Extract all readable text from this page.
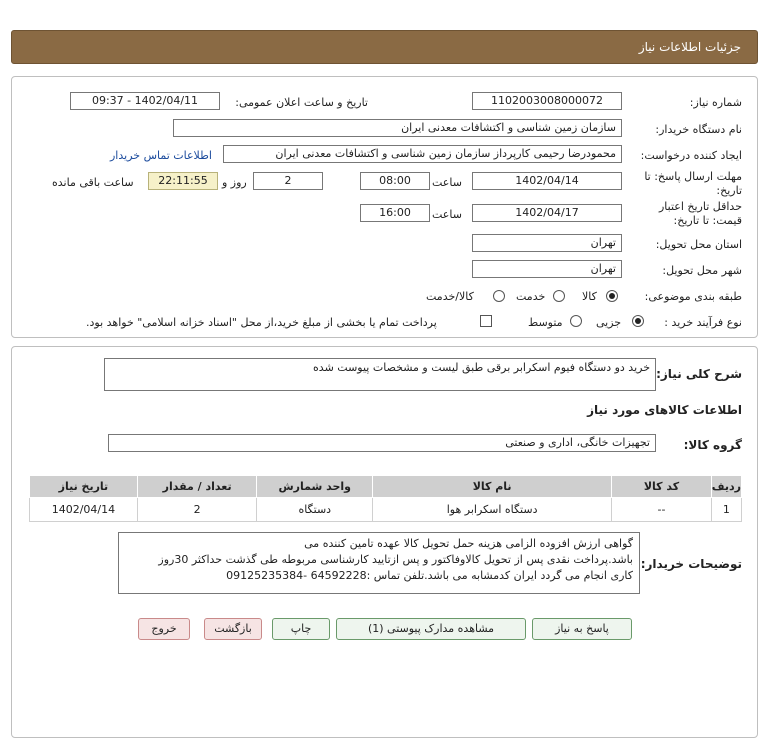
جزئیات اطلاعات نیاز
شماره نیاز:
1102003008000072
تاریخ و ساعت اعلان عمومی:
1402/04/11 - 09:37
نام دستگاه خریدار:
سازمان زمین شناسی و اکتشافات معدنی ایران
ایجاد کننده درخواست:
محمودرضا رحیمی کارپرداز سازمان زمین شناسی و اکتشافات معدنی ایران
اطلاعات تماس خریدار
مهلت ارسال پاسخ: تا
تاریخ:
1402/04/14
ساعت
08:00
2
روز و
22:11:55
ساعت باقی مانده
حداقل تاریخ اعتبار
قیمت: تا تاریخ:
1402/04/17
ساعت
16:00
استان محل تحویل:
تهران
شهر محل تحویل:
تهران
طبقه بندی موضوعی:
کالا
خدمت
کالا/خدمت
نوع فرآیند خرید :
جزیی
متوسط
پرداخت تمام یا بخشی از مبلغ خرید،از محل "اسناد خزانه اسلامی" خواهد بود.
شرح کلی نیاز:
خرید دو دستگاه فیوم اسکرابر برقی طبق لیست و مشخصات پیوست شده
اطلاعات کالاهای مورد نیاز
گروه کالا:
تجهیزات خانگی، اداری و صنعتی
ردیف	کد کالا	نام کالا	واحد شمارش	تعداد / مقدار	تاریخ نیاز
1	--	دستگاه اسکرابر هوا	دستگاه	2	1402/04/14
توضیحات خریدار:
گواهی ارزش افزوده الزامی هزینه حمل تحویل کالا عهده تامین کننده می
باشد.پرداخت نقدی پس از تحویل کالاوفاکتور و پس ازتایید کارشناسی مربوطه طی گذشت حداکثر 30روز
کاری انجام می گردد ایران کدمشابه می باشد.تلفن تماس :64592228 -09125235384
پاسخ به نیاز
مشاهده مدارک پیوستی (1)
چاپ
بازگشت
خروج
